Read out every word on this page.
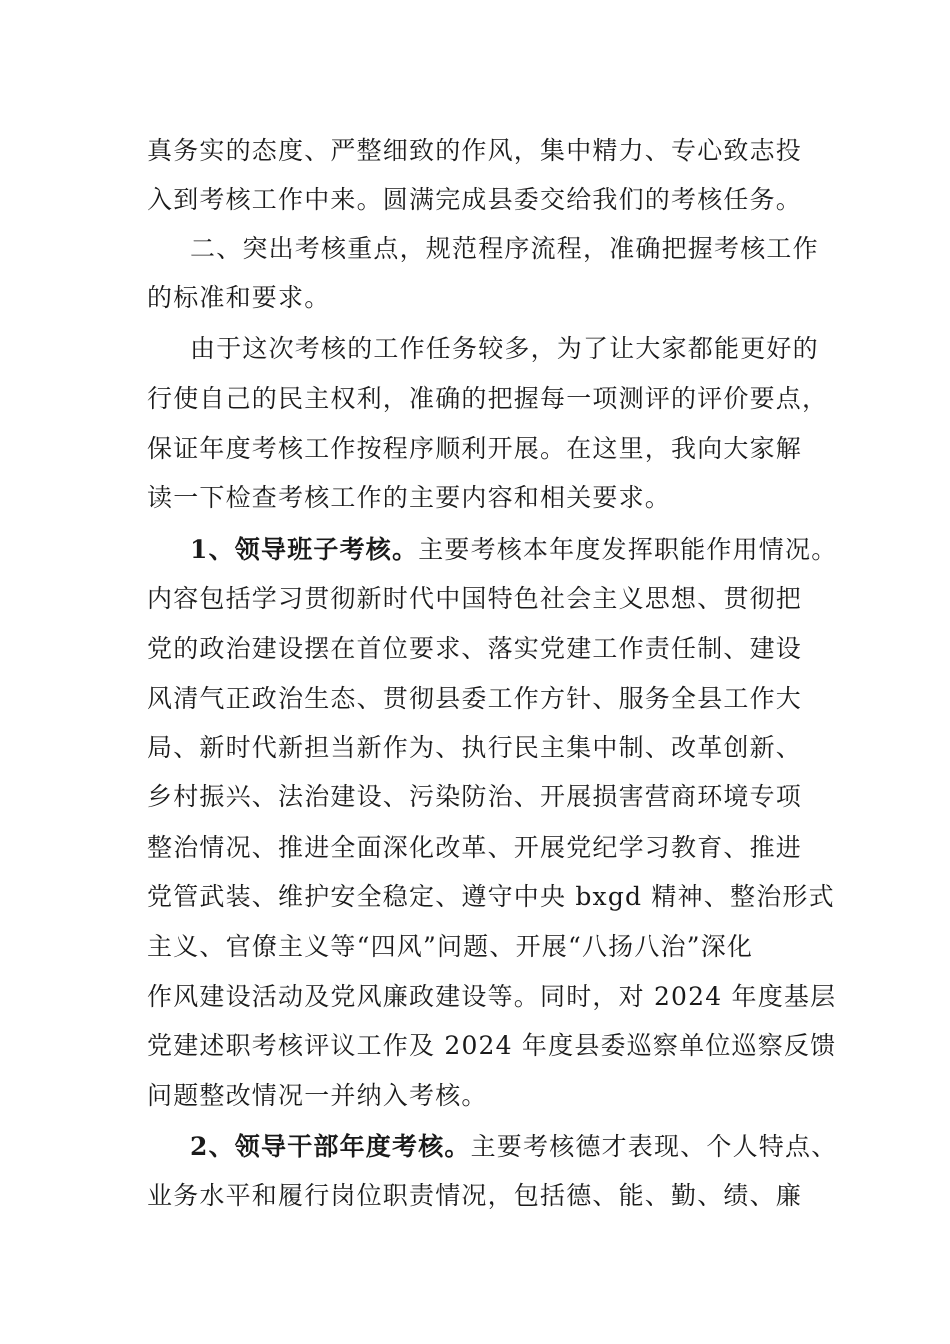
真务实的态度、严整细致的作风，集中精力、专心致志投
入到考核工作中来。圆满完成县委交给我们的考核任务。
二、突出考核重点，规范程序流程，准确把握考核工作
的标准和要求。
由于这次考核的工作任务较多，为了让大家都能更好的
行使自己的民主权利，准确的把握每一项测评的评价要点，
保证年度考核工作按程序顺利开展。在这里，我向大家解
读一下检查考核工作的主要内容和相关要求。
1、领导班子考核。主要考核本年度发挥职能作用情况。
内容包括学习贯彻新时代中国特色社会主义思想、贯彻把
党的政治建设摆在首位要求、落实党建工作责任制、建设
风清气正政治生态、贯彻县委工作方针、服务全县工作大
局、新时代新担当新作为、执行民主集中制、改革创新、
乡村振兴、法治建设、污染防治、开展损害营商环境专项
整治情况、推进全面深化改革、开展党纪学习教育、推进
党管武装、维护安全稳定、遵守中央 bxgd 精神、整治形式
主义、官僚主义等“四风”问题、开展“八扬八治”深化
作风建设活动及党风廉政建设等。同时，对 2024 年度基层
党建述职考核评议工作及 2024 年度县委巡察单位巡察反馈
问题整改情况一并纳入考核。
2、领导干部年度考核。主要考核德才表现、个人特点、
业务水平和履行岗位职责情况，包括德、能、勤、绩、廉
